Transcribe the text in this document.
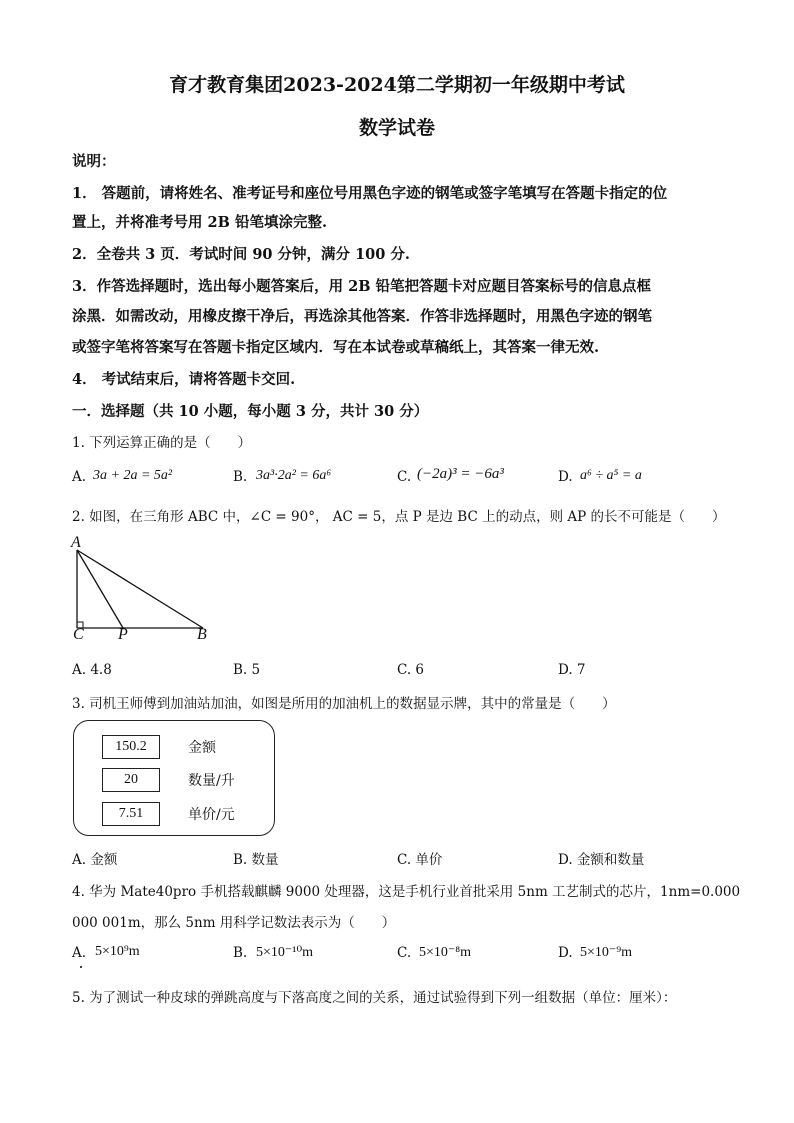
育才教育集团2023-2024第二学期初一年级期中考试
数学试卷
说明：
1． 答题前，请将姓名、准考证号和座位号用黑色字迹的钢笔或签字笔填写在答题卡指定的位
置上，并将准考号用 2B 铅笔填涂完整.
2．全卷共 3 页．考试时间 90 分钟，满分 100 分.
3．作答选择题时，选出每小题答案后，用 2B 铅笔把答题卡对应题目答案标号的信息点框
涂黑．如需改动，用橡皮擦干净后，再选涂其他答案．作答非选择题时，用黑色字迹的钢笔
或签字笔将答案写在答题卡指定区域内．写在本试卷或草稿纸上，其答案一律无效.
4． 考试结束后，请将答题卡交回.
一．选择题（共 10 小题，每小题 3 分，共计 30 分）
1. 下列运算正确的是（　　）
A. 3a + 2a = 5a²	B. 3a³·2a² = 6a⁶	C. (−2a)³ = −6a³	D. a⁶ ÷ a⁵ = a
2. 如图，在三角形 ABC 中，∠C = 90°， AC = 5，点 P 是边 BC 上的动点，则 AP 的长不可能是（　　）
A
C P	B
A. 4.8	B. 5	C. 6	D. 7
3. 司机王师傅到加油站加油，如图是所用的加油机上的数据显示牌，其中的常量是（　　）
150.2	金额
20	数量/升
7.51	单价/元
A. 金额	B. 数量	C. 单价	D. 金额和数量
4. 华为 Mate40pro 手机搭载麒麟 9000 处理器，这是手机行业首批采用 5nm 工艺制式的芯片，1nm=0.000
000 001m，那么 5nm 用科学记数法表示为（　　）
A. 5×10⁹m	B. 5×10⁻¹⁰m	C. 5×10⁻⁸m	D. 5×10⁻⁹m
5. 为了测试一种皮球的弹跳高度与下落高度之间的关系，通过试验得到下列一组数据（单位：厘米）：
